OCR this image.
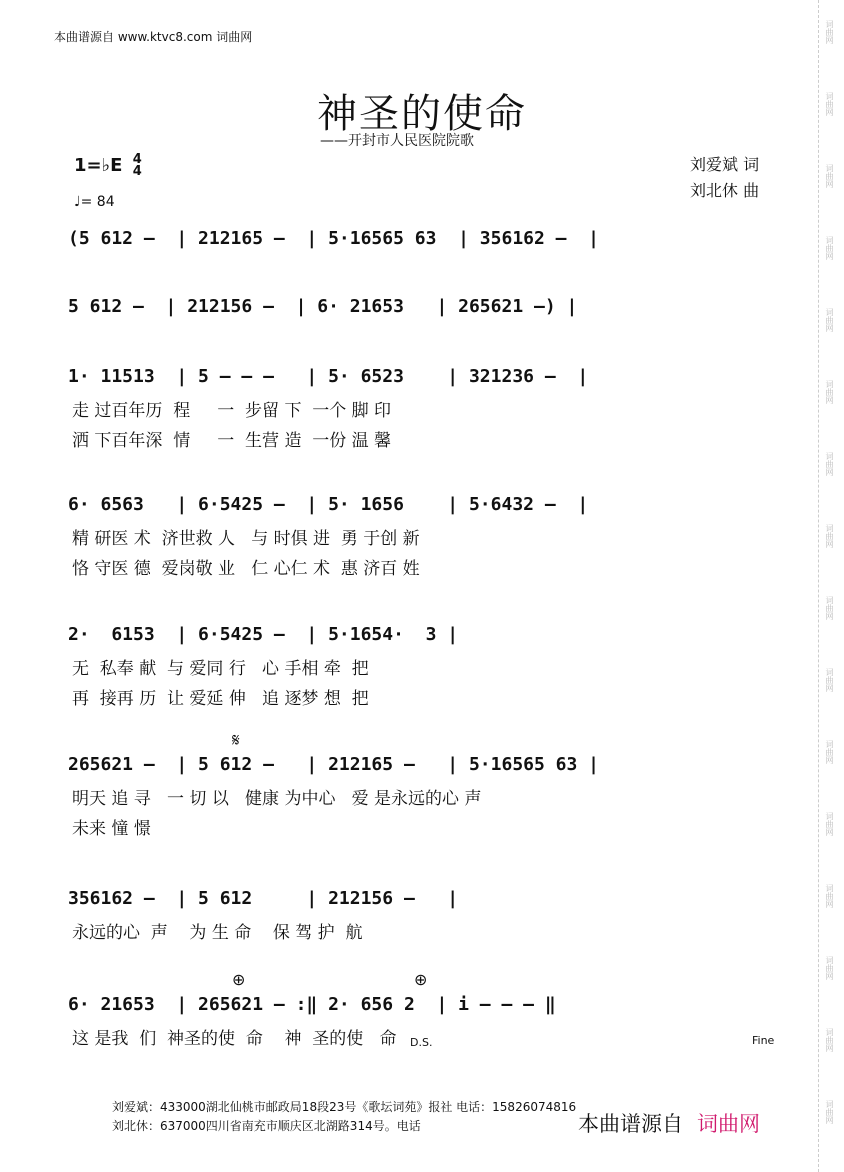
本曲谱源自 www.ktvc8.com 词曲网	词曲网
词曲网
词曲网
词曲网
词曲网
词曲网
词曲网
词曲网
词曲网
词曲网
词曲网
词曲网
词曲网
词曲网
词曲网
词曲网
神圣的使命
——开封市人民医院院歌
1=♭E 4
4
♩= 84
刘爱斌 词
刘北休 曲
(5 612 –  | 212165 –  | 5·16565 63  | 356162 –  |
5 612 –  | 212156 –  | 6· 21653   | 265621 –) |
1· 11513  | 5 – – –   | 5· 6523    | 321236 –  |
走 过百年历  程     一  步留 下  一个 脚 印
洒 下百年深  情     一  生营 造  一份 温 馨
6· 6563   | 6·5425 –  | 5· 1656    | 5·6432 –  |
精 研医 术  济世救 人   与 时俱 进  勇 于创 新
恪 守医 德  爱岗敬 业   仁 心仁 术  惠 济百 姓
2·  6153  | 6·5425 –  | 5·1654·  3 |
无  私奉 献  与 爱同 行   心 手相 牵  把
再  接再 历  让 爱延 伸   追 逐梦 想  把
265621 –  | 5 612 –   | 212165 –   | 5·16565 63 |
明天 追 寻   一 切 以   健康 为中心   爱 是永远的心 声
未来 憧 憬
356162 –  | 5 612     | 212156 –   |
永远的心  声    为 生 命    保 驾 护  航
6· 21653  | 265621 – :‖ 2· 656 2  | i – – – ‖
这 是我  们  神圣的使  命    神  圣的使   命
𝄋
⊕	⊕
D.S.	Fine
刘爱斌：433000湖北仙桃市邮政局18段23号《歌坛词苑》报社 电话：15826074816
刘北休：637000四川省南充市顺庆区北湖路314号。电话	本曲谱源自 词曲网
